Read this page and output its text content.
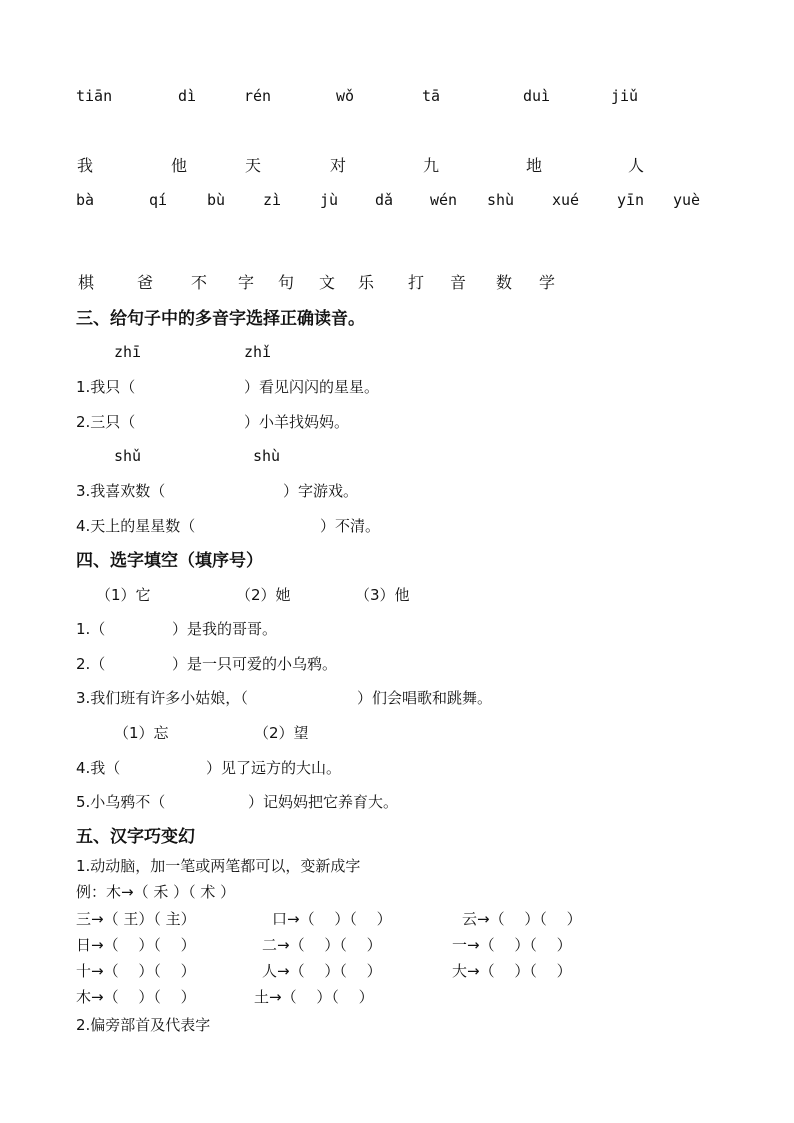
tiān	dì	rén	wǒ	tā	duì	jiǔ
我	他	天	对	九	地	人
bà	qí	bù	zì	jù dǎ wén shù	xué	yīn yuè
棋	爸 不 字 句 文 乐 打 音 数 学
三、给句子中的多音字选择正确读音。
zhī	zhǐ
1.我只（	）看见闪闪的星星。
2.三只（	）小羊找妈妈。
shǔ	shù
3.我喜欢数（	）字游戏。
4.天上的星星数（	）不清。
四、选字填空（填序号）
（1）它	（2）她	（3）他
1.（	）是我的哥哥。
2.（	）是一只可爱的小乌鸦。
3.我们班有许多小姑娘，（	）们会唱歌和跳舞。
（1）忘	（2）望
4.我（	）见了远方的大山。
5.小乌鸦不（	）记妈妈把它养育大。
五、汉字巧变幻
1.动动脑，加一笔或两笔都可以，变新成字
例：木→（ 禾 ）（ 术 ）
三→（ 王）（ 主）	口→（　 ）（　 ）	云→（　 ）（　 ）
日→（　 ）（　 ）	二→（　 ）（　 ）	一→（　 ）（　 ）
十→（　 ）（　 ）	人→（　 ）（　 ）	大→（　 ）（　 ）
木→（　 ）（　 ）	土→（　 ）（　 ）
2.偏旁部首及代表字
